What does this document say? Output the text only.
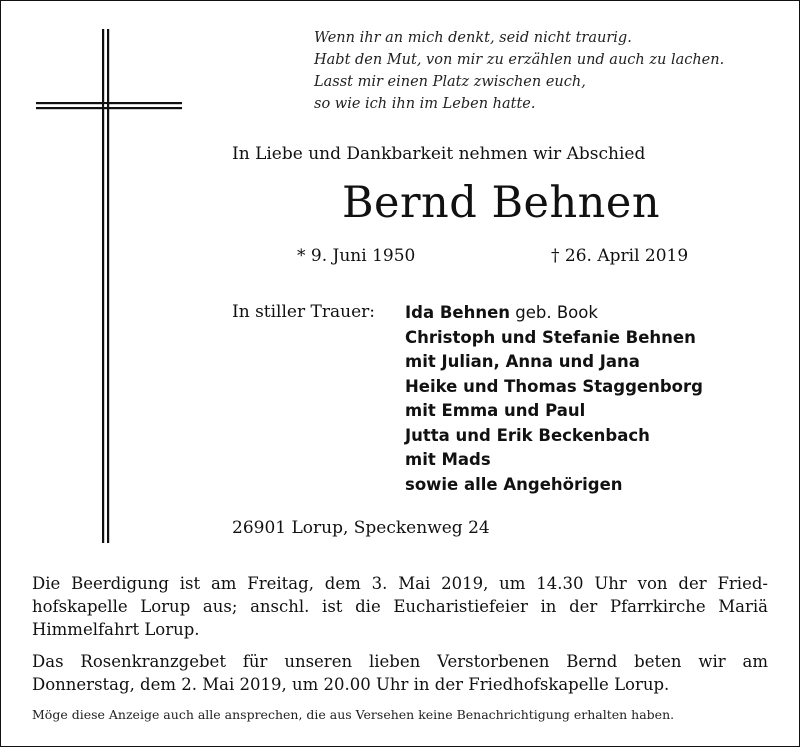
Wenn ihr an mich denkt, seid nicht traurig.
Habt den Mut, von mir zu erzählen und auch zu lachen.
Lasst mir einen Platz zwischen euch,
so wie ich ihn im Leben hatte.
In Liebe und Dankbarkeit nehmen wir Abschied
Bernd Behnen
* 9. Juni 1950	† 26. April 2019
In stiller Trauer: Ida Behnen geb. Book
Christoph und Stefanie Behnen
mit Julian, Anna und Jana
Heike und Thomas Staggenborg
mit Emma und Paul
Jutta und Erik Beckenbach
mit Mads
sowie alle Angehörigen
26901 Lorup, Speckenweg 24
Die Beerdigung ist am Freitag, dem 3. Mai 2019, um 14.30 Uhr von der Fried-
hofskapelle Lorup aus; anschl. ist die Eucharistiefeier in der Pfarrkirche Mariä
Himmelfahrt Lorup.
Das Rosenkranzgebet für unseren lieben Verstorbenen Bernd beten wir am
Donnerstag, dem 2. Mai 2019, um 20.00 Uhr in der Friedhofskapelle Lorup.
Möge diese Anzeige auch alle ansprechen, die aus Versehen keine Benachrichtigung erhalten haben.
